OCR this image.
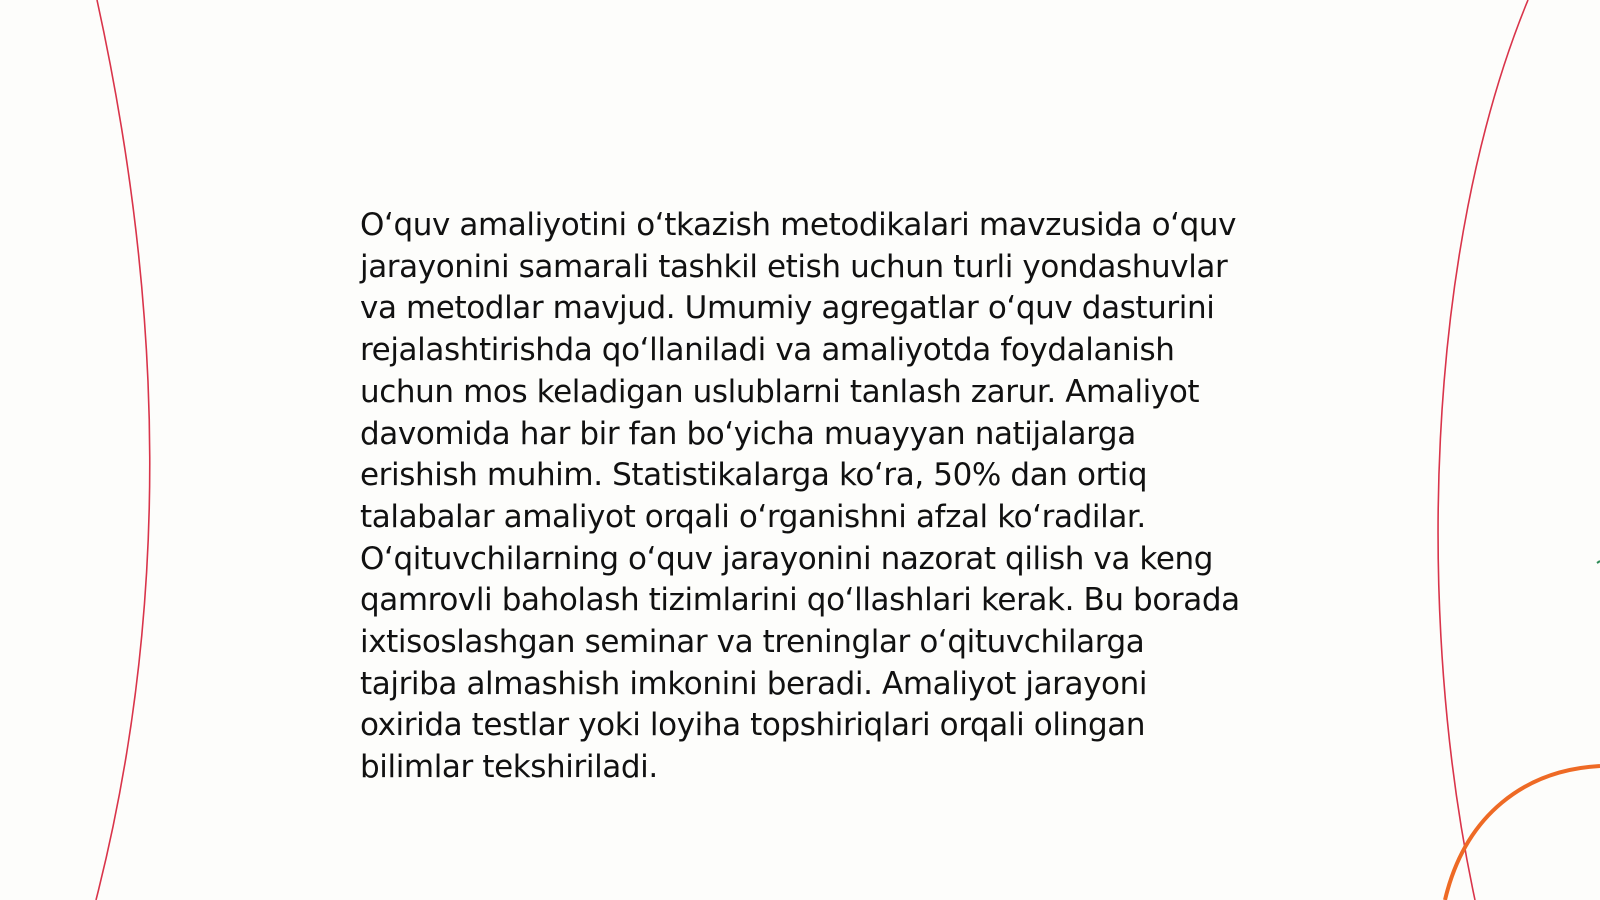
O‘quv amaliyotini o‘tkazish metodikalari mavzusida o‘quv jarayonini samarali tashkil etish uchun turli yondashuvlar va metodlar mavjud. Umumiy agregatlar o‘quv dasturini rejalashtirishda qo‘llaniladi va amaliyotda foydalanish uchun mos keladigan uslublarni tanlash zarur. Amaliyot davomida har bir fan bo‘yicha muayyan natijalarga erishish muhim. Statistikalarga ko‘ra, 50% dan ortiq talabalar amaliyot orqali o‘rganishni afzal ko‘radilar. O‘qituvchilarning o‘quv jarayonini nazorat qilish va keng qamrovli baholash tizimlarini qo‘llashlari kerak. Bu borada ixtisoslashgan seminar va treninglar o‘qituvchilarga tajriba almashish imkonini beradi. Amaliyot jarayoni oxirida testlar yoki loyiha topshiriqlari orqali olingan bilimlar tekshiriladi.
